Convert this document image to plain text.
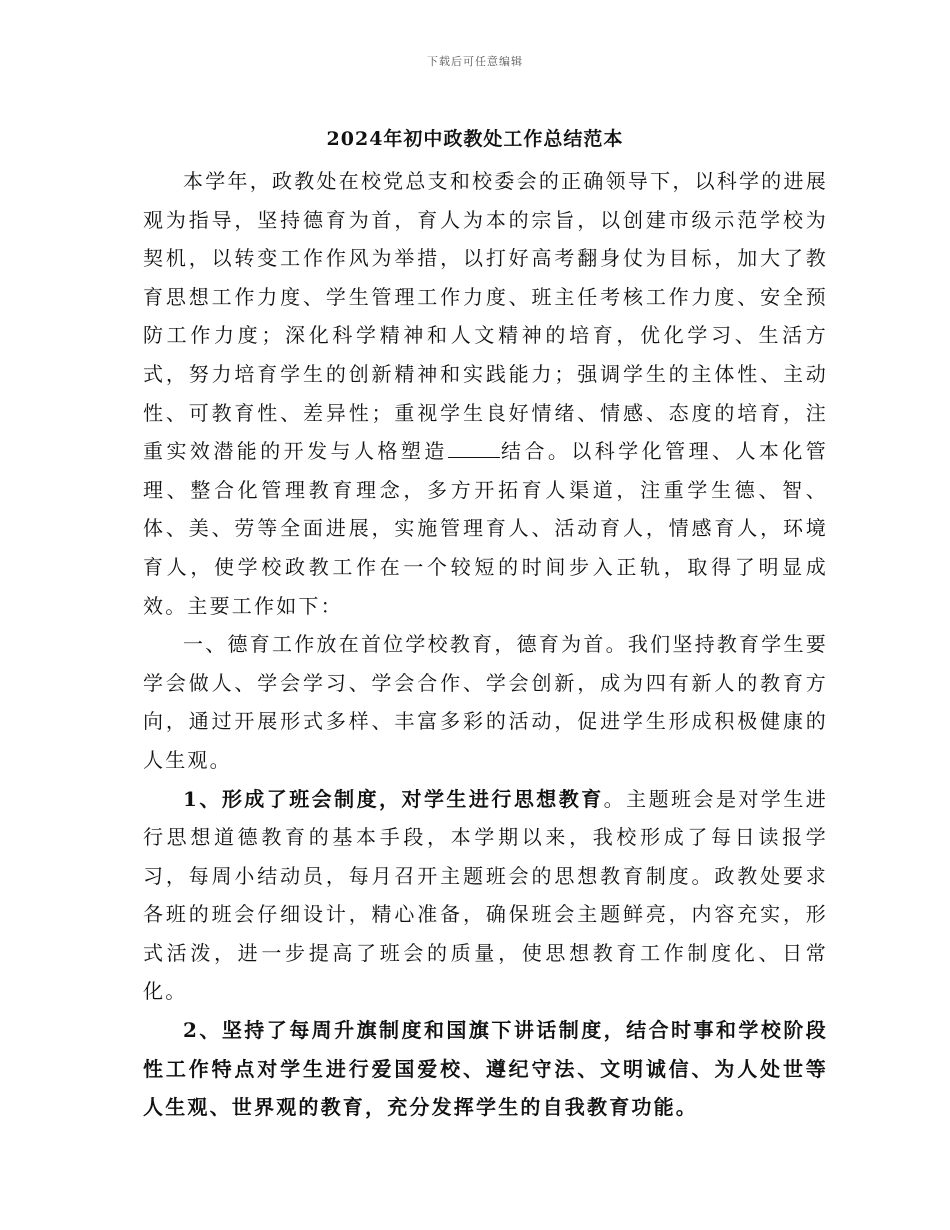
下载后可任意编辑
2024年初中政教处工作总结范本

本学年，政教处在校党总支和校委会的正确领导下，以科学的进展观为指导，坚持德育为首，育人为本的宗旨，以创建市级示范学校为契机，以转变工作作风为举措，以打好高考翻身仗为目标，加大了教育思想工作力度、学生管理工作力度、班主任考核工作力度、安全预防工作力度；深化科学精神和人文精神的培育，优化学习、生活方式，努力培育学生的创新精神和实践能力；强调学生的主体性、主动性、可教育性、差异性；重视学生良好情绪、情感、态度的培育，注重实效潜能的开发与人格塑造	结合。以科学化管理、人本化管理、整合化管理教育理念，多方开拓育人渠道，注重学生德、智、体、美、劳等全面进展，实施管理育人、活动育人，情感育人，环境育人，使学校政教工作在一个较短的时间步入正轨，取得了明显成效。主要工作如下：

一、德育工作放在首位学校教育，德育为首。我们坚持教育学生要学会做人、学会学习、学会合作、学会创新，成为四有新人的教育方向，通过开展形式多样、丰富多彩的活动，促进学生形成积极健康的人生观。

1、形成了班会制度，对学生进行思想教育。主题班会是对学生进行思想道德教育的基本手段，本学期以来，我校形成了每日读报学习，每周小结动员，每月召开主题班会的思想教育制度。政教处要求各班的班会仔细设计，精心准备，确保班会主题鲜亮，内容充实，形式活泼，进一步提高了班会的质量，使思想教育工作制度化、日常化。

2、坚持了每周升旗制度和国旗下讲话制度，结合时事和学校阶段性工作特点对学生进行爱国爱校、遵纪守法、文明诚信、为人处世等人生观、世界观的教育，充分发挥学生的自我教育功能。
